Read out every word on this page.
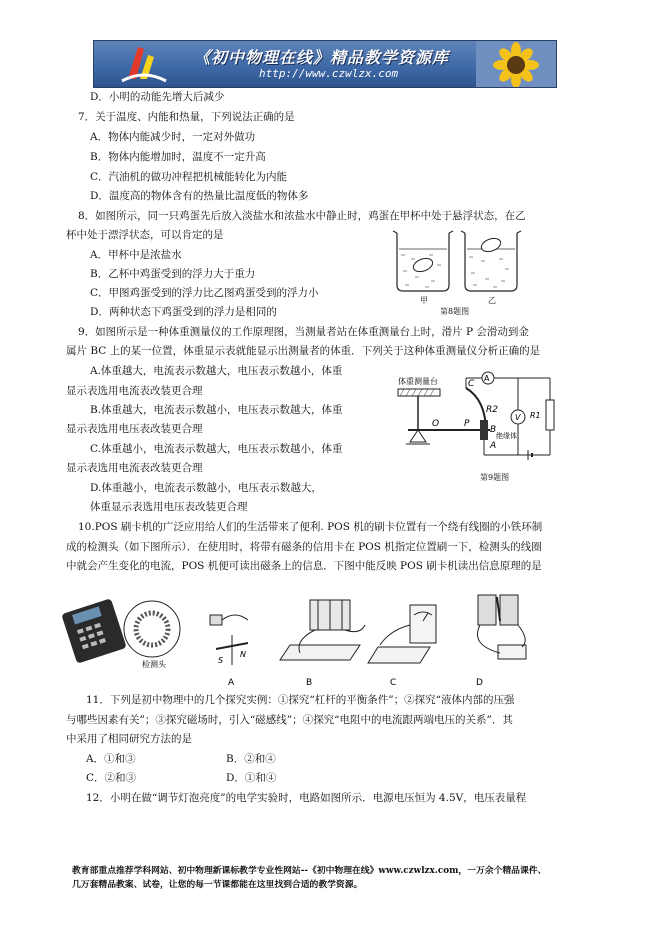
《初中物理在线》精品教学资源库
http://www.czwlzx.com
D．小明的动能先增大后减少
7．关于温度、内能和热量，下列说法正确的是
A．物体内能减少时，一定对外做功
B．物体内能增加时，温度不一定升高
C．汽油机的做功冲程把机械能转化为内能
D．温度高的物体含有的热量比温度低的物体多
8．如图所示，同一只鸡蛋先后放入淡盐水和浓盐水中静止时，鸡蛋在甲杯中处于悬浮状态，在乙
杯中处于漂浮状态，可以肯定的是
A．甲杯中是浓盐水
B．乙杯中鸡蛋受到的浮力大于重力
C．甲图鸡蛋受到的浮力比乙图鸡蛋受到的浮力小
D．两种状态下鸡蛋受到的浮力是相同的
甲	乙
第8题图
9．如图所示是一种体重测量仪的工作原理图，当测量者站在体重测量台上时，滑片 P 会滑动到金
属片 BC 上的某一位置，体重显示表就能显示出测量者的体重．下列关于这种体重测量仪分析正确的是
A.体重越大，电流表示数越大，电压表示数越小，体重
显示表选用电流表改装更合理
B.体重越大，电流表示数越小，电压表示数越大，体重
显示表选用电压表改装更合理
C.体重越小，电流表示数越大，电压表示数越小，体重
显示表选用电流表改装更合理
D.体重越小，电流表示数越小，电压表示数越大，
体重显示表选用电压表改装更合理
体重测量台
O	P
C
R2
B
A
绝缘体
A
R1
V
第9题图
10.POS 刷卡机的广泛应用给人们的生活带来了便利. POS 机的刷卡位置有一个绕有线圈的小铁环制
成的检测头（如下图所示）．在使用时，将带有磁条的信用卡在 POS 机指定位置刷一下，检测头的线圈
中就会产生变化的电流，POS 机便可读出磁条上的信息．下图中能反映 POS 刷卡机读出信息原理的是
检测头	S
N
A	B	C	D
11．下列是初中物理中的几个探究实例：①探究“杠杆的平衡条件”；②探究“液体内部的压强
与哪些因素有关”；③探究磁场时，引入“磁感线”；④探究“电阻中的电流跟两端电压的关系”．其
中采用了相同研究方法的是
A．①和③	B．②和④
C．②和③	D．①和④
12．小明在做“调节灯泡亮度”的电学实验时，电路如图所示．电源电压恒为 4.5V，电压表量程
教育部重点推荐学科网站、初中物理新课标教学专业性网站--《初中物理在线》www.czwlzx.com，一万余个精品课件、
几万套精品教案、试卷，让您的每一节课都能在这里找到合适的教学资源。
